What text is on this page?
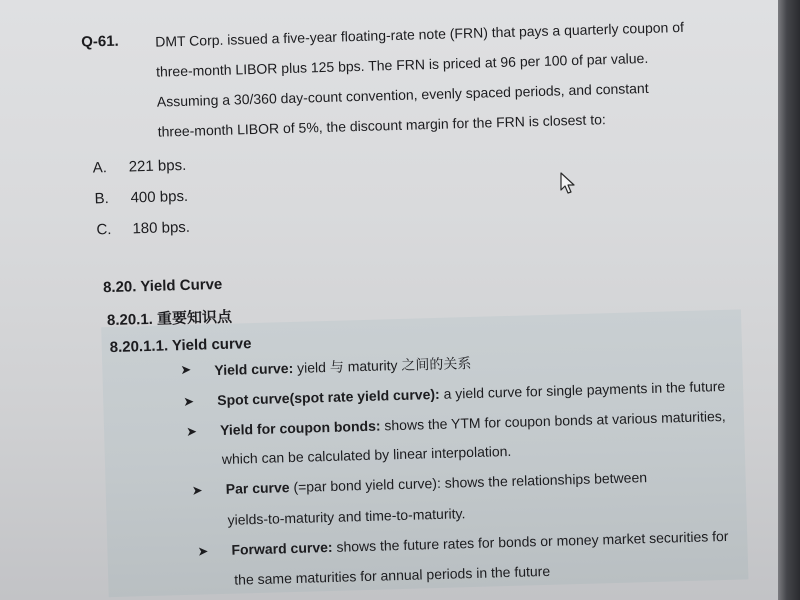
Q-61.	DMT Corp. issued a five-year floating-rate note (FRN) that pays a quarterly coupon of
three-month LIBOR plus 125 bps. The FRN is priced at 96 per 100 of par value.
Assuming a 30/360 day-count convention, evenly spaced periods, and constant
three-month LIBOR of 5%, the discount margin for the FRN is closest to:
A. 221 bps.
B. 400 bps.
C. 180 bps.
8.20. Yield Curve
8.20.1. 重要知识点
8.20.1.1. Yield curve
➤ Yield curve: yield 与 maturity 之间的关系
➤ Spot curve(spot rate yield curve): a yield curve for single payments in the future
➤ Yield for coupon bonds: shows the YTM for coupon bonds at various maturities,
which can be calculated by linear interpolation.
➤ Par curve (=par bond yield curve): shows the relationships between
yields-to-maturity and time-to-maturity.
➤ Forward curve: shows the future rates for bonds or money market securities for
the same maturities for annual periods in the future
